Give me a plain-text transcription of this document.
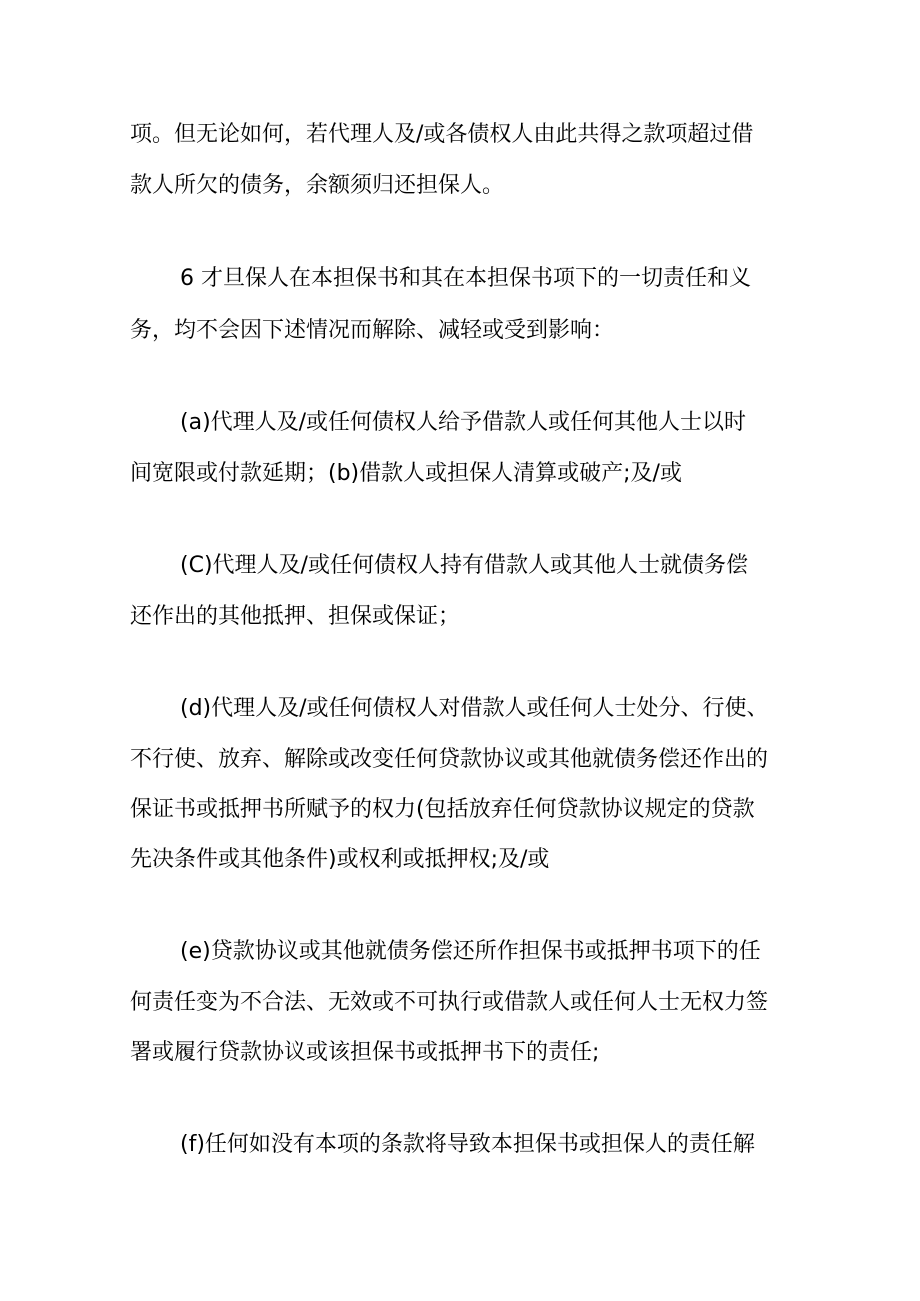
项。但无论如何，若代理人及/或各债权人由此共得之款项超过借
款人所欠的债务，余额须归还担保人。
6 才旦保人在本担保书和其在本担保书项下的一切责任和义
务，均不会因下述情况而解除、减轻或受到影响：
(a)代理人及/或任何债权人给予借款人或任何其他人士以时
间宽限或付款延期；(b)借款人或担保人清算或破产;及/或
(C)代理人及/或任何债权人持有借款人或其他人士就债务偿
还作出的其他抵押、担保或保证；
(d)代理人及/或任何债权人对借款人或任何人士处分、行使、
不行使、放弃、解除或改变任何贷款协议或其他就债务偿还作出的
保证书或抵押书所赋予的权力(包括放弃任何贷款协议规定的贷款
先决条件或其他条件)或权利或抵押权;及/或
(e)贷款协议或其他就债务偿还所作担保书或抵押书项下的任
何责任变为不合法、无效或不可执行或借款人或任何人士无权力签
署或履行贷款协议或该担保书或抵押书下的责任;
(f)任何如没有本项的条款将导致本担保书或担保人的责任解
